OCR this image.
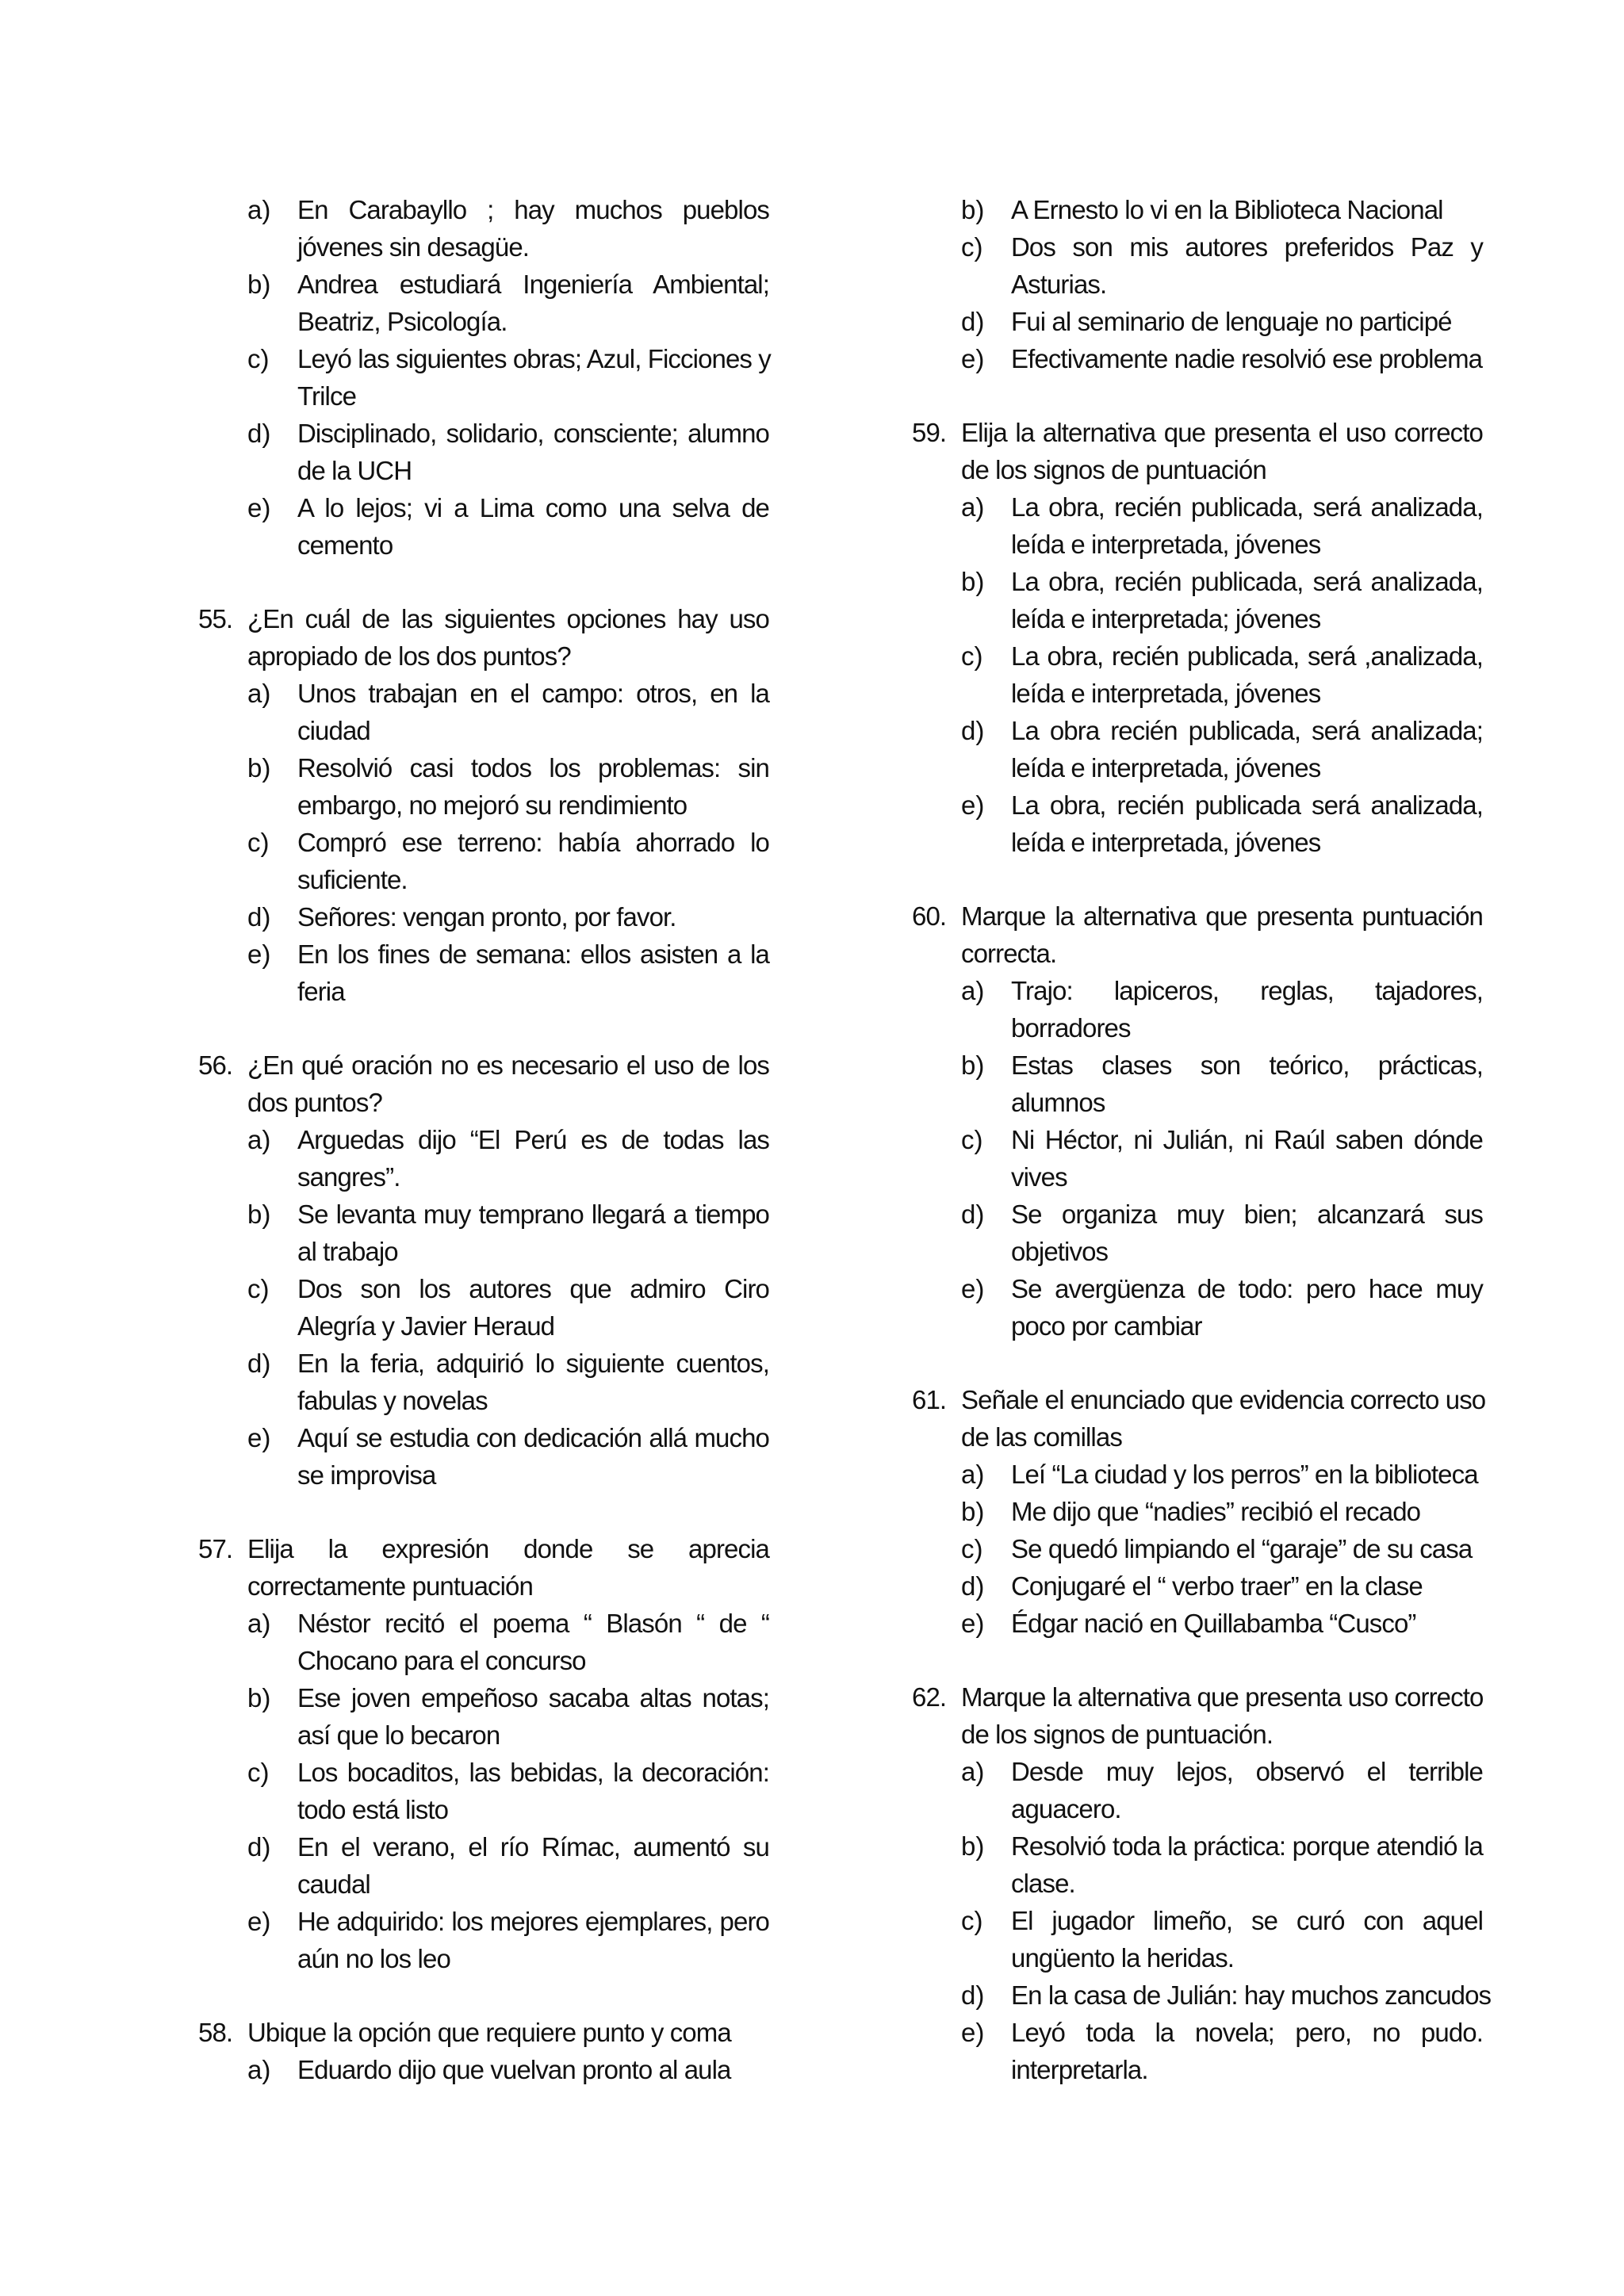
a)	En Carabayllo ; hay muchos pueblos
jóvenes sin desagüe.
b)	Andrea estudiará Ingeniería Ambiental;
Beatriz, Psicología.
c)	Leyó las siguientes obras; Azul, Ficciones y
Trilce
d)	Disciplinado, solidario, consciente; alumno
de la UCH
e)	A lo lejos; vi a Lima como una selva de
cemento
55. ¿En cuál de las siguientes opciones hay uso
apropiado de los dos puntos?
a)	Unos trabajan en el campo: otros, en la
ciudad
b)	Resolvió casi todos los problemas: sin
embargo, no mejoró su rendimiento
c)	Compró ese terreno: había ahorrado lo
suficiente.
d)	Señores: vengan pronto, por favor.
e)	En los fines de semana: ellos asisten a la
feria
56. ¿En qué oración no es necesario el uso de los
dos puntos?
a)	Arguedas dijo “El Perú es de todas las
sangres”.
b)	Se levanta muy temprano llegará a tiempo
al trabajo
c)	Dos son los autores que admiro Ciro
Alegría y Javier Heraud
d)	En la feria, adquirió lo siguiente cuentos,
fabulas y novelas
e)	Aquí se estudia con dedicación allá mucho
se improvisa
57. Elija la expresión donde se aprecia
correctamente puntuación
a)	Néstor recitó el poema “ Blasón “ de “
Chocano para el concurso
b)	Ese joven empeñoso sacaba altas notas;
así que lo becaron
c)	Los bocaditos, las bebidas, la decoración:
todo está listo
d)	En el verano, el río Rímac, aumentó su
caudal
e)	He adquirido: los mejores ejemplares, pero
aún no los leo
58. Ubique la opción que requiere punto y coma
a)	Eduardo dijo que vuelvan pronto al aula
b)	A Ernesto lo vi en la Biblioteca Nacional
c)	Dos son mis autores preferidos Paz y
Asturias.
d)	Fui al seminario de lenguaje no participé
e)	Efectivamente nadie resolvió ese problema
59. Elija la alternativa que presenta el uso correcto
de los signos de puntuación
a)	La obra, recién publicada, será analizada,
leída e interpretada, jóvenes
b)	La obra, recién publicada, será analizada,
leída e interpretada; jóvenes
c)	La obra, recién publicada, será ,analizada,
leída e interpretada, jóvenes
d)	La obra recién publicada, será analizada;
leída e interpretada, jóvenes
e)	La obra, recién publicada será analizada,
leída e interpretada, jóvenes
60. Marque la alternativa que presenta puntuación
correcta.
a)	Trajo: lapiceros, reglas, tajadores,
borradores
b)	Estas clases son teórico, prácticas,
alumnos
c)	Ni Héctor, ni Julián, ni Raúl saben dónde
vives
d)	Se organiza muy bien; alcanzará sus
objetivos
e)	Se avergüenza de todo: pero hace muy
poco por cambiar
61. Señale el enunciado que evidencia correcto uso
de las comillas
a)	Leí “La ciudad y los perros” en la biblioteca
b)	Me dijo que “nadies” recibió el recado
c)	Se quedó limpiando el “garaje” de su casa
d)	Conjugaré el “ verbo traer” en la clase
e)	Édgar nació en Quillabamba “Cusco”
62. Marque la alternativa que presenta uso correcto
de los signos de puntuación.
a)	Desde muy lejos, observó el terrible
aguacero.
b)	Resolvió toda la práctica: porque atendió la
clase.
c)	El jugador limeño, se curó con aquel
ungüento la heridas.
d)	En la casa de Julián: hay muchos zancudos
e)	Leyó toda la novela; pero, no pudo.
interpretarla.
